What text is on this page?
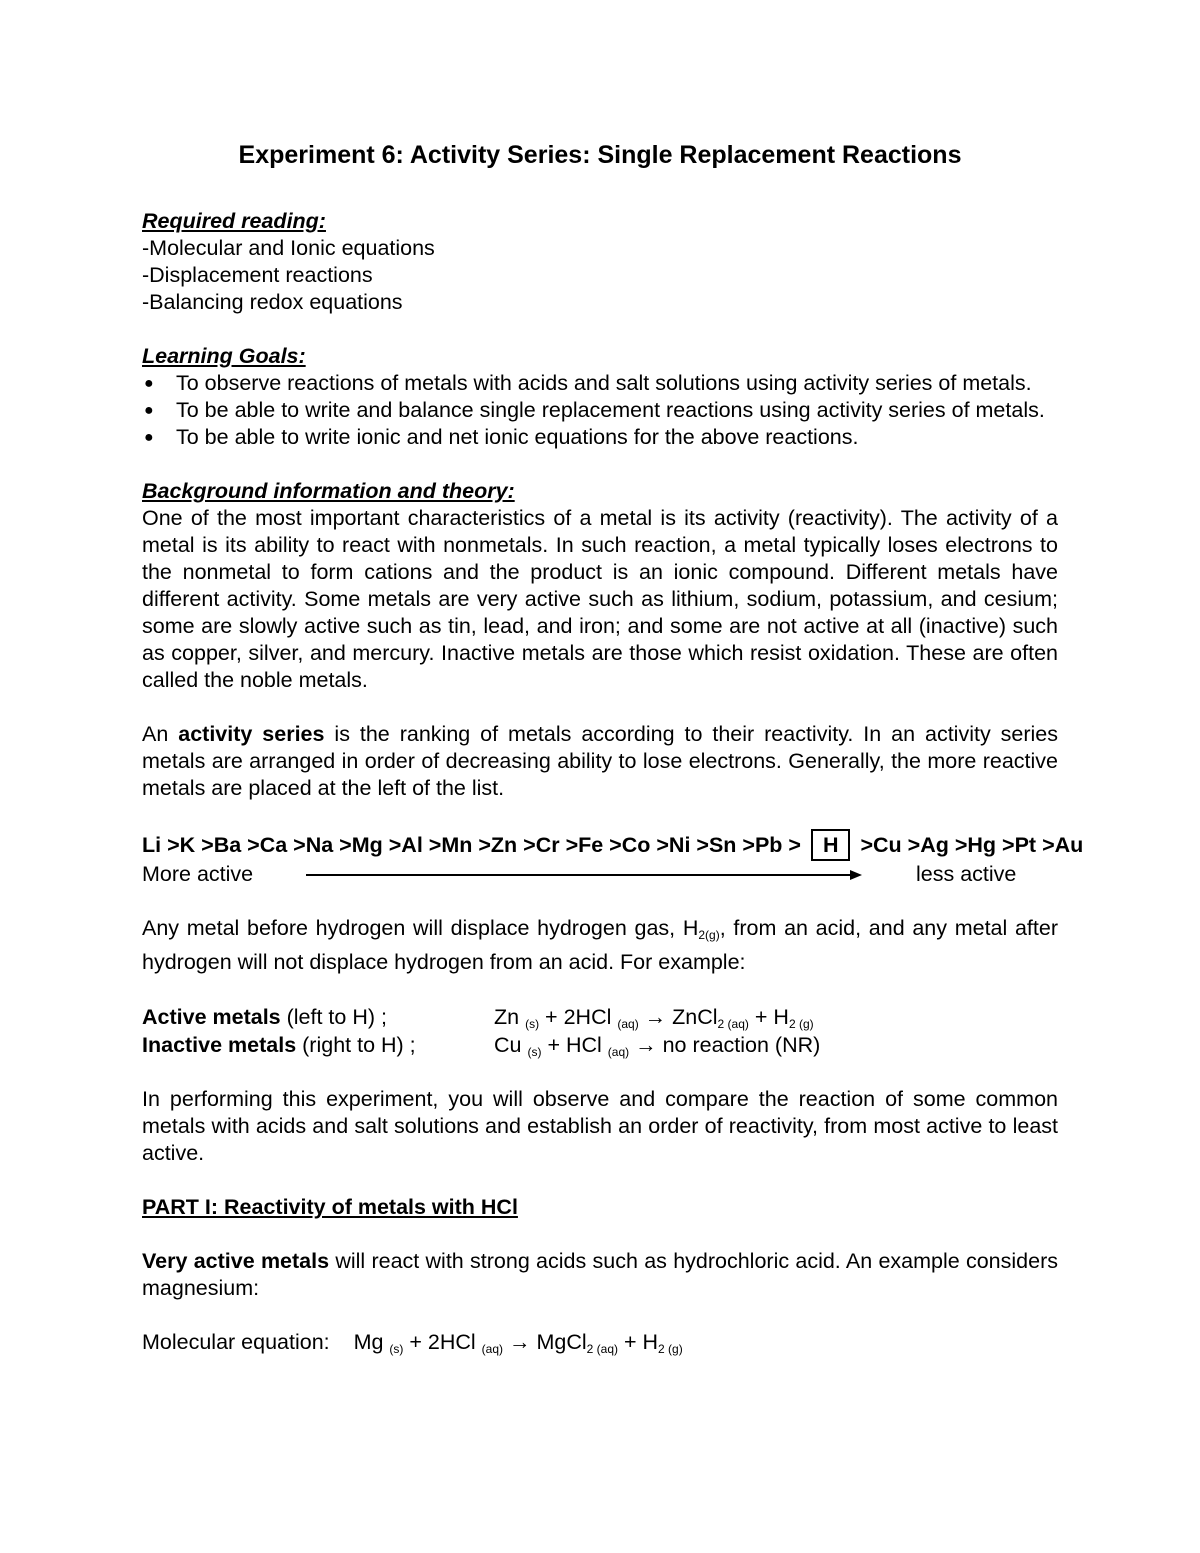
Experiment 6: Activity Series: Single Replacement Reactions
Required reading:
-Molecular and Ionic equations
-Displacement reactions
-Balancing redox equations
Learning Goals:
● To observe reactions of metals with acids and salt solutions using activity series of metals.
● To be able to write and balance single replacement reactions using activity series of metals.
● To be able to write ionic and net ionic equations for the above reactions.
Background information and theory:
One of the most important characteristics of a metal is its activity (reactivity). The activity of a metal is its ability to react with nonmetals. In such reaction, a metal typically loses electrons to the nonmetal to form cations and the product is an ionic compound. Different metals have different activity. Some metals are very active such as lithium, sodium, potassium, and cesium; some are slowly active such as tin, lead, and iron; and some are not active at all (inactive) such as copper, silver, and mercury. Inactive metals are those which resist oxidation. These are often called the noble metals.
An activity series is the ranking of metals according to their reactivity. In an activity series metals are arranged in order of decreasing ability to lose electrons. Generally, the more reactive metals are placed at the left of the list.
Li >K >Ba >Ca >Na >Mg >Al >Mn >Zn >Cr >Fe >Co >Ni >Sn >Pb > H >Cu >Ag >Hg >Pt >Au
More active	less active
Any metal before hydrogen will displace hydrogen gas, $H_{2(g)}$, from an acid, and any metal after hydrogen will not displace hydrogen from an acid. For example:
Active metals (left to H) ;	Zn $_{(s)}$ + 2HCl $_{(aq)}$ → ZnCl$_{2 (aq)}$ + $H_{2 (g)}$
Inactive metals (right to H) ;	Cu $_{(s)}$ + HCl $_{(aq)}$ → no reaction (NR)
In performing this experiment, you will observe and compare the reaction of some common metals with acids and salt solutions and establish an order of reactivity, from most active to least active.
PART I: Reactivity of metals with HCl
Very active metals will react with strong acids such as hydrochloric acid. An example considers magnesium:
Molecular equation: Mg $_{(s)}$ + 2HCl $_{(aq)}$ → MgCl$_{2 (aq)}$ + $H_{2 (g)}$
